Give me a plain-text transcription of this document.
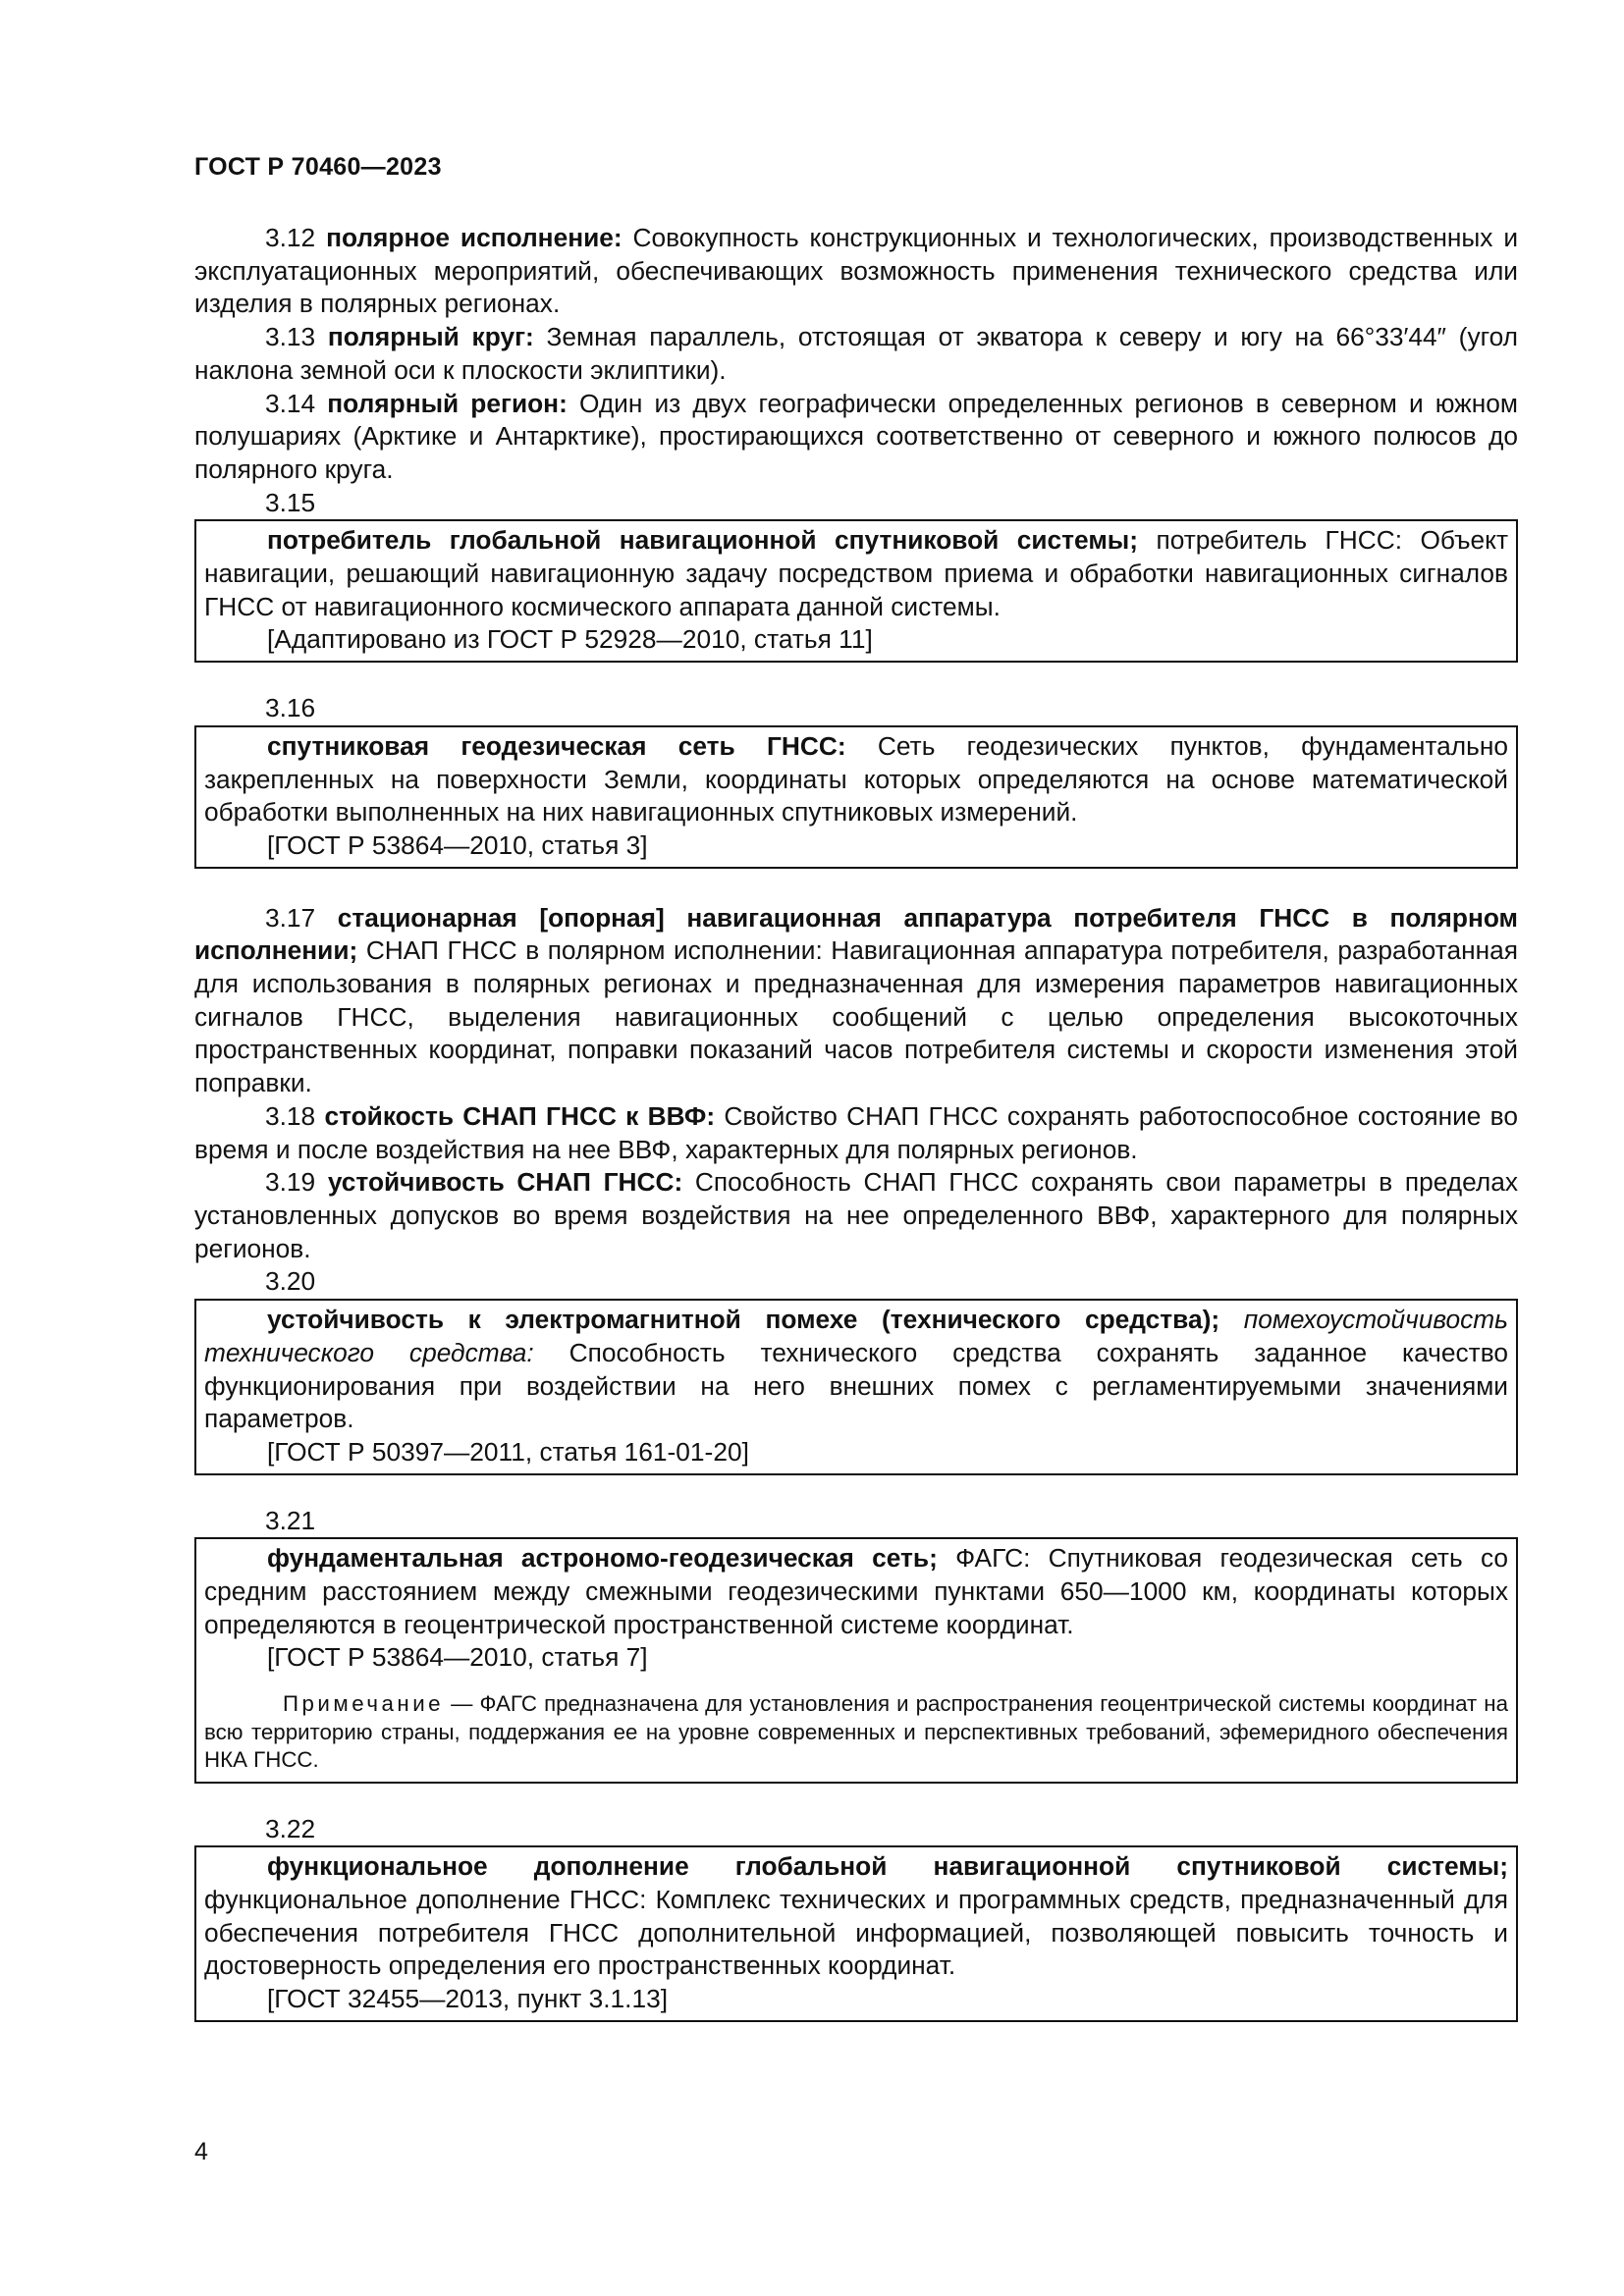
ГОСТ Р 70460—2023

3.12 полярное исполнение: Совокупность конструкционных и технологических, производственных и эксплуатационных мероприятий, обеспечивающих возможность применения технического средства или изделия в полярных регионах.

3.13 полярный круг: Земная параллель, отстоящая от экватора к северу и югу на 66°33′44″ (угол наклона земной оси к плоскости эклиптики).

3.14 полярный регион: Один из двух географически определенных регионов в северном и южном полушариях (Арктике и Антарктике), простирающихся соответственно от северного и южного полюсов до полярного круга.

3.15

потребитель глобальной навигационной спутниковой системы; потребитель ГНСС: Объект навигации, решающий навигационную задачу посредством приема и обработки навигационных сигналов ГНСС от навигационного космического аппарата данной системы.

[Адаптировано из ГОСТ Р 52928—2010, статья 11]
3.16

спутниковая геодезическая сеть ГНСС: Сеть геодезических пунктов, фундаментально закрепленных на поверхности Земли, координаты которых определяются на основе математической обработки выполненных на них навигационных спутниковых измерений.

[ГОСТ Р 53864—2010, статья 3]

3.17 стационарная [опорная] навигационная аппаратура потребителя ГНСС в полярном исполнении; СНАП ГНСС в полярном исполнении: Навигационная аппаратура потребителя, разработанная для использования в полярных регионах и предназначенная для измерения параметров навигационных сигналов ГНСС, выделения навигационных сообщений с целью определения высокоточных пространственных координат, поправки показаний часов потребителя системы и скорости изменения этой поправки.

3.18 стойкость СНАП ГНСС к ВВФ: Свойство СНАП ГНСС сохранять работоспособное состояние во время и после воздействия на нее ВВФ, характерных для полярных регионов.

3.19 устойчивость СНАП ГНСС: Способность СНАП ГНСС сохранять свои параметры в пределах установленных допусков во время воздействия на нее определенного ВВФ, характерного для полярных регионов.

3.20

устойчивость к электромагнитной помехе (технического средства); помехоустойчивость технического средства: Способность технического средства сохранять заданное качество функционирования при воздействии на него внешних помех с регламентируемыми значениями параметров.

[ГОСТ Р 50397—2011, статья 161-01-20]
3.21

фундаментальная астрономо-геодезическая сеть; ФАГС: Спутниковая геодезическая сеть со средним расстоянием между смежными геодезическими пунктами 650—1000 км, координаты которых определяются в геоцентрической пространственной системе координат.

[ГОСТ Р 53864—2010, статья 7]

Примечание — ФАГС предназначена для установления и распространения геоцентрической системы координат на всю территорию страны, поддержания ее на уровне современных и перспективных требований, эфемеридного обеспечения НКА ГНСС.

3.22

функциональное дополнение глобальной навигационной спутниковой системы; функциональное дополнение ГНСС: Комплекс технических и программных средств, предназначенный для обеспечения потребителя ГНСС дополнительной информацией, позволяющей повысить точность и достоверность определения его пространственных координат.

[ГОСТ 32455—2013, пункт 3.1.13]
4
